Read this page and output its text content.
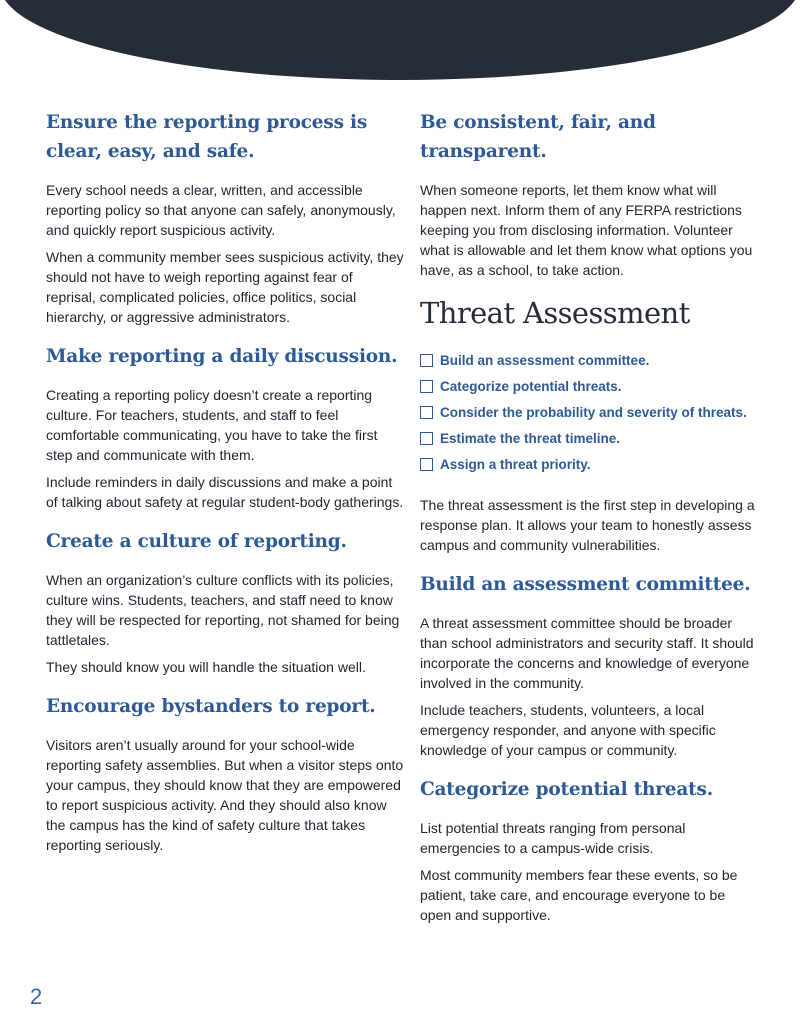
Ensure the reporting process is clear, easy, and safe.

Every school needs a clear, written, and accessible reporting policy so that anyone can safely, anonymously, and quickly report suspicious activity.

When a community member sees suspicious activity, they should not have to weigh reporting against fear of reprisal, complicated policies, office politics, social hierarchy, or aggressive administrators.

Make reporting a daily discussion.

Creating a reporting policy doesn’t create a reporting culture. For teachers, students, and staff to feel comfortable communicating, you have to take the first step and communicate with them.

Include reminders in daily discussions and make a point of talking about safety at regular student-body gatherings.

Create a culture of reporting.

When an organization’s culture conflicts with its policies, culture wins. Students, teachers, and staff need to know they will be respected for reporting, not shamed for being tattletales.

They should know you will handle the situation well.

Encourage bystanders to report.

Visitors aren’t usually around for your school-wide reporting safety assemblies. But when a visitor steps onto your campus, they should know that they are empowered to report suspicious activity. And they should also know the campus has the kind of safety culture that takes reporting seriously.

Be consistent, fair, and transparent.

When someone reports, let them know what will happen next. Inform them of any FERPA restrictions keeping you from disclosing information. Volunteer what is allowable and let them know what options you have, as a school, to take action.

Threat Assessment
Build an assessment committee.
Categorize potential threats.
Consider the probability and severity of threats.
Estimate the threat timeline.
Assign a threat priority.

The threat assessment is the first step in developing a response plan. It allows your team to honestly assess campus and community vulnerabilities.

Build an assessment committee.

A threat assessment committee should be broader than school administrators and security staff. It should incorporate the concerns and knowledge of everyone involved in the community.

Include teachers, students, volunteers, a local emergency responder, and anyone with specific knowledge of your campus or community.

Categorize potential threats.

List potential threats ranging from personal emergencies to a campus-wide crisis.

Most community members fear these events, so be patient, take care, and encourage everyone to be open and supportive.

2
